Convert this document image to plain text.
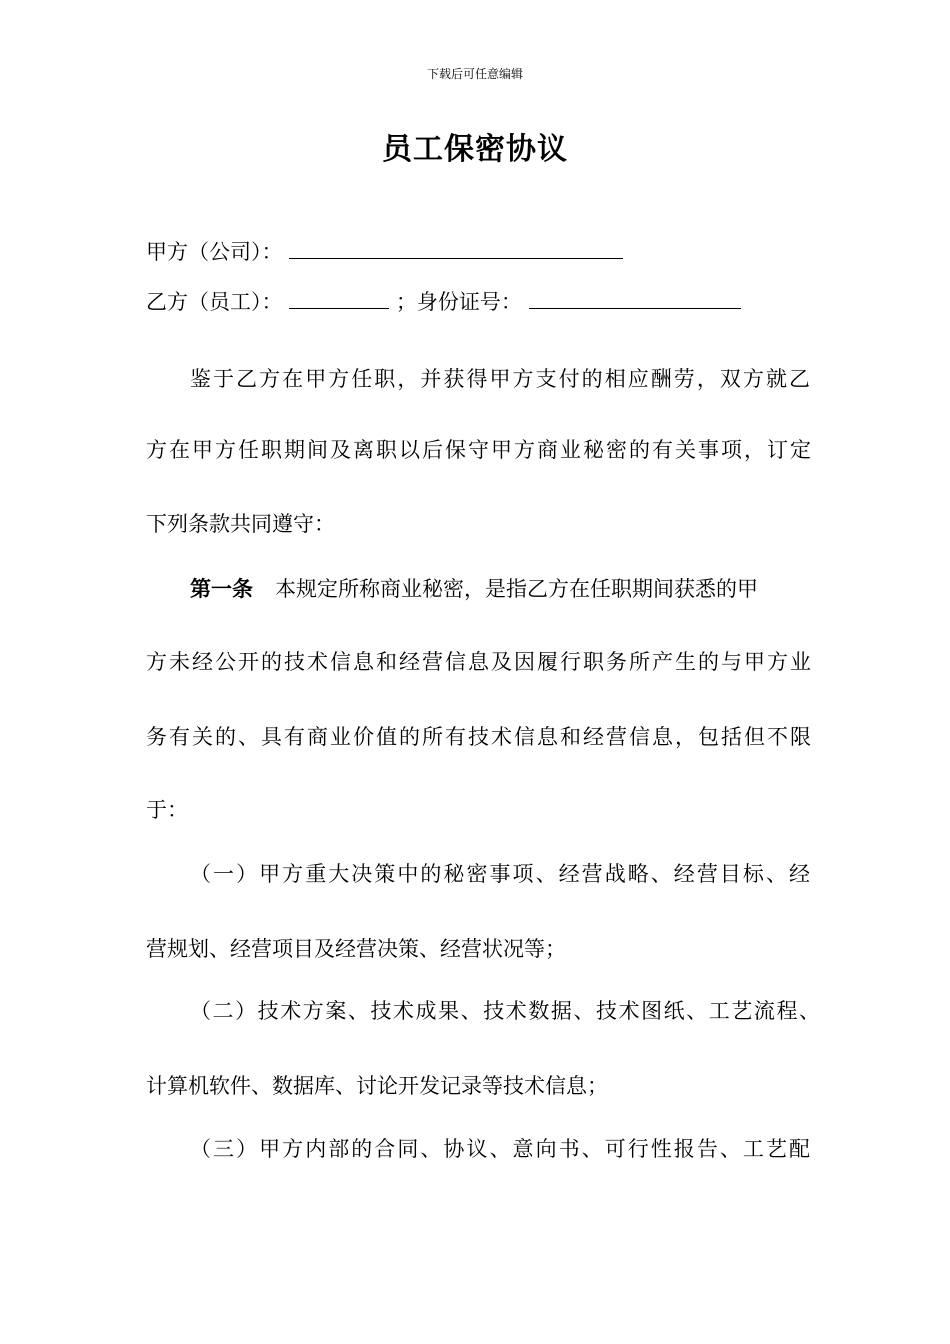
下载后可任意编辑
员工保密协议
甲方（公司）：
乙方（员工）：	；身份证号：
鉴于乙方在甲方任职，并获得甲方支付的相应酬劳，双方就乙
方在甲方任职期间及离职以后保守甲方商业秘密的有关事项，订定
下列条款共同遵守：
第一条 本规定所称商业秘密，是指乙方在任职期间获悉的甲
方未经公开的技术信息和经营信息及因履行职务所产生的与甲方业
务有关的、具有商业价值的所有技术信息和经营信息，包括但不限
于：
（一）甲方重大决策中的秘密事项、经营战略、经营目标、经
营规划、经营项目及经营决策、经营状况等；
（二）技术方案、技术成果、技术数据、技术图纸、工艺流程、
计算机软件、数据库、讨论开发记录等技术信息；
（三）甲方内部的合同、协议、意向书、可行性报告、工艺配
